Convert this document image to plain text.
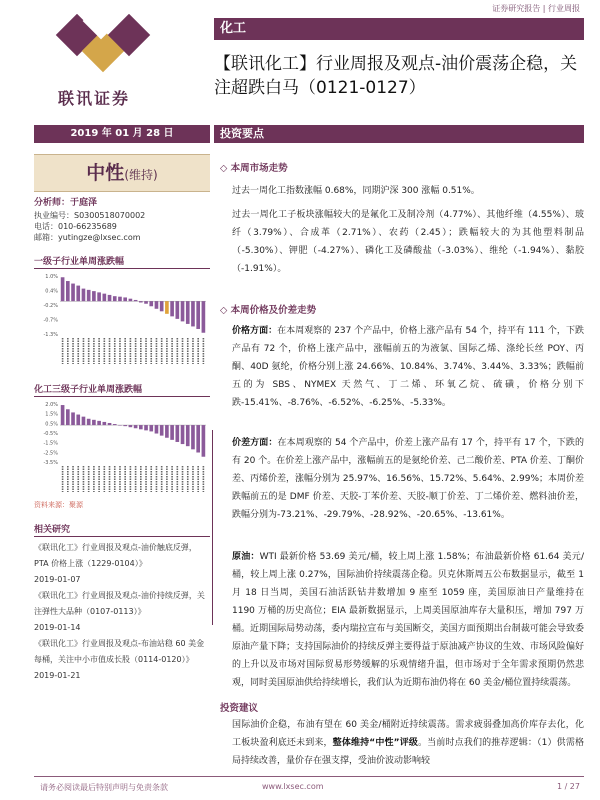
证券研究报告 | 行业周报
化工
联讯证券
【联讯化工】行业周报及观点-油价震荡企稳，关注超跌白马（0121-0127）
2019 年 01 月 28 日	投资要点
中性(维持)
分析师：于庭泽
执业编号：S0300518070002
电话：010-66235689
邮箱：yutingze@lxsec.com
一级子行业单周涨跌幅
1.0%
0.4%
-0.2%
-0.7%
-1.3%
化工三级子行业单周涨跌幅
2.0%
1.5%
0.5%
-0.5%
-1.5%
-2.5%
-3.5%
资料来源：聚源
相关研究
《联讯化工》行业周报及观点-油价触底反弹，PTA 价格上涨（1229-0104）》
2019-01-07
《联讯化工》行业周报及观点-油价持续反弹，关注弹性大品种（0107-0113）》
2019-01-14
《联讯化工》行业周报及观点-布油站稳 60 美金每桶，关注中小市值成长股（0114-0120）》2019-01-21
◇ 本周市场走势
过去一周化工指数涨幅 0.68%，同期沪深 300 涨幅 0.51%。
过去一周化工子板块涨幅较大的是氟化工及制冷剂（4.77%）、其他纤维（4.55%）、玻纤（3.79%）、合成革（2.71%）、农药（2.45）；跌幅较大的为其他塑料制品（-5.30%）、钾肥（-4.27%）、磷化工及磷酸盐（-3.03%）、维纶（-1.94%）、黏胶（-1.91%）。
◇ 本周价格及价差走势
价格方面：在本周观察的 237 个产品中，价格上涨产品有 54 个，持平有 111 个，下跌产品有 72 个，价格上涨产品中，涨幅前五的为液氯、国际乙烯、涤纶长丝 POY、丙酮、40D 氨纶，价格分别上涨 24.66%、10.84%、3.74%、3.44%、3.33%；跌幅前五的为 SBS、NYMEX 天然气、丁二烯、环氧乙烷、硫磺，价格分别下跌-15.41%、-8.76%、-6.52%、-6.25%、-5.33%。
价差方面：在本周观察的 54 个产品中，价差上涨产品有 17 个，持平有 17 个，下跌的有 20 个。在价差上涨产品中，涨幅前五的是氨纶价差、己二酸价差、PTA 价差、丁酮价差、丙烯价差，涨幅分别为 25.97%、16.56%、15.72%、5.64%、2.99%；本周价差跌幅前五的是 DMF 价差、天胶-丁苯价差、天胶-顺丁价差、丁二烯价差、燃料油价差，跌幅分别为-73.21%、-29.79%、-28.92%、-20.65%、-13.61%。
原油：WTI 最新价格 53.69 美元/桶，较上周上涨 1.58%；布油最新价格 61.64 美元/桶，较上周上涨 0.27%，国际油价持续震荡企稳。贝克休斯周五公布数据显示，截至 1 月 18 日当周，美国石油活跃钻井数增加 9 座至 1059 座，美国原油日产量维持在 1190 万桶的历史高位；EIA 最新数据显示，上周美国原油库存大量积压，增加 797 万桶。近期国际局势动荡，委内瑞拉宣布与美国断交，美国方面预期出台制裁可能会导致委原油产量下降；支持国际油价的持续反弹主要得益于原油减产协议的生效、市场风险偏好的上升以及市场对国际贸易形势缓解的乐观情绪升温，但市场对于全年需求预期仍然悲观，同时美国原油供给持续增长，我们认为近期布油仍将在 60 美金/桶位置持续震荡。
投资建议
国际油价企稳，布油有望在 60 美金/桶附近持续震荡。需求疲弱叠加高价库存去化，化工板块盈利底还未到来，整体维持“中性”评级。当前时点我们的推荐逻辑：（1）供需格局持续改善，量价存在强支撑，受油价波动影响较
请务必阅读最后特别声明与免责条款	www.lxsec.com	1 / 27
